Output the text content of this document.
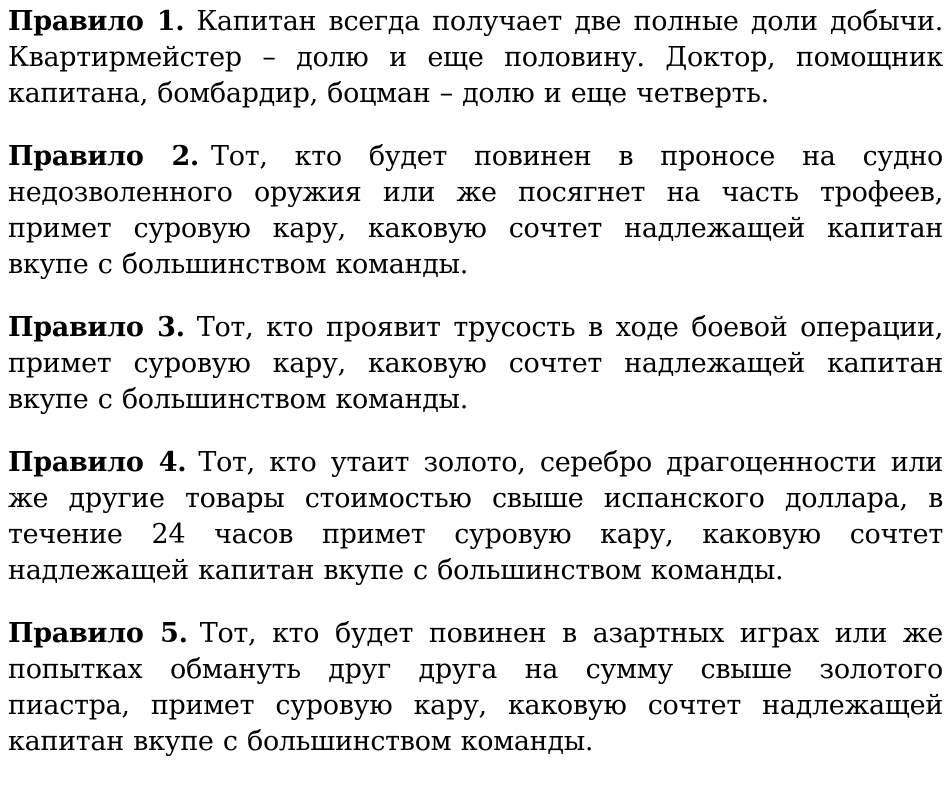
Правило 1. Капитан всегда получает две полные доли добычи. Квартирмейстер – долю и еще половину. Доктор, помощник капитана, бомбардир, боцман – долю и еще четверть.

Правило 2. Тот, кто будет повинен в проносе на судно недозволенного оружия или же посягнет на часть трофеев, примет суровую кару, каковую сочтет надлежащей капитан вкупе с большинством команды.

Правило 3. Тот, кто проявит трусость в ходе боевой операции, примет суровую кару, каковую сочтет надлежащей капитан вкупе с большинством команды.

Правило 4. Тот, кто утаит золото, серебро драгоценности или же другие товары стоимостью свыше испанского доллара, в течение 24 часов примет суровую кару, каковую сочтет надлежащей капитан вкупе с большинством команды.

Правило 5. Тот, кто будет повинен в азартных играх или же попытках обмануть друг друга на сумму свыше золотого пиастра, примет суровую кару, каковую сочтет надлежащей капитан вкупе с большинством команды.
